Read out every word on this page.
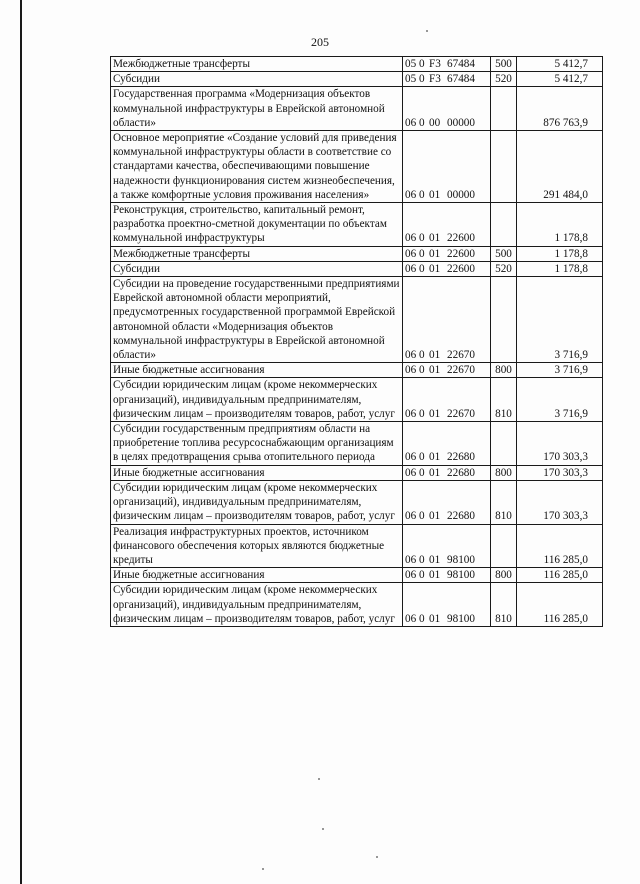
205
Межбюджетные трансферты	05 0 F3 67484	500	5 412,7
Субсидии	05 0 F3 67484	520	5 412,7
Государственная программа «Модернизация объектов коммунальной инфраструктуры в Еврейской автономной области»	06 0 00 00000		876 763,9
Основное мероприятие «Создание условий для приведения коммунальной инфраструктуры области в соответствие со стандартами качества, обеспечивающими повышение надежности функционирования систем жизнеобеспечения, а также комфортные условия проживания населения»	06 0 01 00000		291 484,0
Реконструкция, строительство, капитальный ремонт, разработка проектно-сметной документации по объектам коммунальной инфраструктуры	06 0 01 22600		1 178,8
Межбюджетные трансферты	06 0 01 22600	500	1 178,8
Субсидии	06 0 01 22600	520	1 178,8
Субсидии на проведение государственными предприятиями Еврейской автономной области мероприятий, предусмотренных государственной программой Еврейской автономной области «Модернизация объектов коммунальной инфраструктуры в Еврейской автономной области»	06 0 01 22670		3 716,9
Иные бюджетные ассигнования	06 0 01 22670	800	3 716,9
Субсидии юридическим лицам (кроме некоммерческих организаций), индивидуальным предпринимателям, физическим лицам – производителям товаров, работ, услуг	06 0 01 22670	810	3 716,9
Субсидии государственным предприятиям области на приобретение топлива ресурсоснабжающим организациям в целях предотвращения срыва отопительного периода	06 0 01 22680		170 303,3
Иные бюджетные ассигнования	06 0 01 22680	800	170 303,3
Субсидии юридическим лицам (кроме некоммерческих организаций), индивидуальным предпринимателям, физическим лицам – производителям товаров, работ, услуг	06 0 01 22680	810	170 303,3
Реализация инфраструктурных проектов, источником финансового обеспечения которых являются бюджетные кредиты	06 0 01 98100		116 285,0
Иные бюджетные ассигнования	06 0 01 98100	800	116 285,0
Субсидии юридическим лицам (кроме некоммерческих организаций), индивидуальным предпринимателям, физическим лицам – производителям товаров, работ, услуг	06 0 01 98100	810	116 285,0
